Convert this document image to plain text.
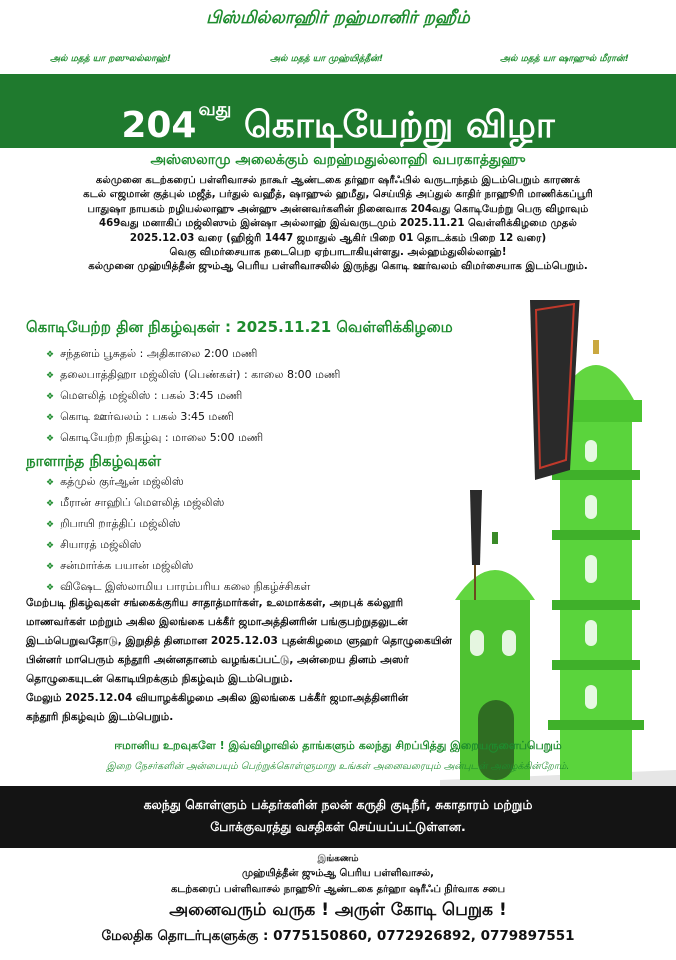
பிஸ்மில்லாஹிர் றஹ்மானிர் றஹீம்
அல் மதத் யா றஸுலல்லாஹ்!	அல் மதத் யா முஹ்யித்தீன்!	அல் மதத் யா ஷாஹுல் மீரான்!
204 $^{வது}$ கொடியேற்று விழா
அஸ்ஸலாமு அலைக்கும் வறஹ்மதுல்லாஹி வபரகாத்துஹு
கல்முனை கடற்கரைப் பள்ளிவாசல் நாகூர் ஆண்டகை தர்ஹா ஷரீஃபில் வருடாந்தம் இடம்பெறும் காரணக்
கடல் எஜமான் குத்புல் மஜீத், பர்துல் வஹீத், ஷாஹுல் ஹமீது, செய்யித் அப்துல் காதிர் நாஹூரி மாணிக்கப்பூரி
பாதுஷா நாயகம் றழியல்லாஹு அன்ஹு அன்னவர்களின் நினைவாக 204வது கொடியேற்று பெரு விழாவும்
469வது மனாகிப் மஜ்லிஸும் இன்ஷா அல்லாஹ் இவ்வருடமும் 2025.11.21 வெள்ளிக்கிழமை முதல்
2025.12.03 வரை (ஹிஜ்ரி 1447 ஜமாதுல் ஆகிர் பிறை 01 தொடக்கம் பிறை 12 வரை)
வெகு விமர்சையாக நடைபெற ஏற்பாடாகியுள்ளது. அல்ஹம்துலில்லாஹ்!
கல்முனை முஹ்யித்தீன் ஜும்ஆ பெரிய பள்ளிவாசலில் இருந்து கொடி ஊர்வலம் விமர்சையாக இடம்பெறும்.
கொடியேற்ற தின நிகழ்வுகள் : 2025.11.21 வெள்ளிக்கிழமை
❖ சந்தனம் பூசுதல் : அதிகாலை 2:00 மணி
❖ தலைபாத்திஹா மஜ்லிஸ் (பெண்கள்) : காலை 8:00 மணி
❖ மௌலித் மஜ்லிஸ் : பகல் 3:45 மணி
❖ கொடி ஊர்வலம் : பகல் 3:45 மணி
❖ கொடியேற்ற நிகழ்வு : மாலை 5:00 மணி
நாளாந்த நிகழ்வுகள்
❖ கத்முல் குர்ஆன் மஜ்லிஸ்
❖ மீரான் சாஹிப் மௌலித் மஜ்லிஸ்
❖ றிபாயி றாத்திப் மஜ்லிஸ்
❖ சியாரத் மஜ்லிஸ்
❖ சன்மார்க்க பயான் மஜ்லிஸ்
❖ விஷேட இஸ்லாமிய பாரம்பரிய கலை நிகழ்ச்சிகள்
மேற்படி நிகழ்வுகள் சங்கைக்குரிய சாதாத்மார்கள், உலமாக்கள், அறபுக் கல்லூரி
மாணவர்கள் மற்றும் அகில இலங்கை பக்கீர் ஜமாஅத்தினரின் பங்குபற்றுதலுடன்
இடம்பெறுவதோடு, இறுதித் தினமான 2025.12.03 புதன்கிழமை ளுஹர் தொழுகையின்
பின்னர் மாபெரும் கந்தூரி அன்னதானம் வழங்கப்பட்டு, அன்றைய தினம் அஸர்
தொழுகையுடன் கொடியிறக்கும் நிகழ்வும் இடம்பெறும்.
மேலும் 2025.12.04 வியாழக்கிழமை அகில இலங்கை பக்கீர் ஜமாஅத்தினரின்
கந்தூரி நிகழ்வும் இடம்பெறும்.
ஈமானிய உறவுகளே ! இவ்விழாவில் தாங்களும் கலந்து சிறப்பித்து இறையருளைப்பெறும்
இறை நேசர்களின் அன்பையும் பெற்றுக்கொள்ளுமாறு உங்கள் அனைவரையும் அன்புடன் அழைக்கின்றோம்.
கலந்து கொள்ளும் பக்தர்களின் நலன் கருதி குடிநீர், சுகாதாரம் மற்றும்
போக்குவரத்து வசதிகள் செய்யப்பட்டுள்ளன.
இங்கணம்
முஹ்யித்தீன் ஜும்ஆ பெரிய பள்ளிவாசல்,
கடற்கரைப் பள்ளிவாசல் நாஹூர் ஆண்டகை தர்ஹா ஷரீஃப் நிர்வாக சபை
அனைவரும் வருக ! அருள் கோடி பெறுக !
மேலதிக தொடர்புகளுக்கு : 0775150860, 0772926892, 0779897551
